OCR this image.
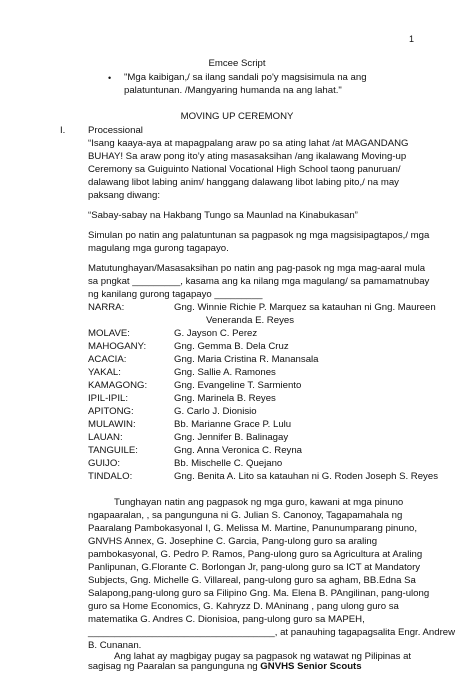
1
Emcee Script
• "Mga kaibigan,/ sa ilang sandali po'y magsisimula na ang
palatuntunan. /Mangyaring humanda na ang lahat."
MOVING UP CEREMONY
I. Processional
“Isang kaaya-aya at mapagpalang araw po sa ating lahat /at MAGANDANG
BUHAY! Sa araw pong ito’y ating masasaksihan /ang ikalawang Moving-up
Ceremony sa Guiguinto National Vocational High School taong panuruan/
dalawang libot labing anim/ hanggang dalawang libot labing pito,/ na may
paksang diwang:
“Sabay-sabay na Hakbang Tungo sa Maunlad na Kinabukasan”
Simulan po natin ang palatuntunan sa pagpasok ng mga magsisipagtapos,/ mga
magulang mga gurong tagapayo.
Matutunghayan/Masasaksihan po natin ang pag-pasok ng mga mag-aaral mula
sa pngkat _________, kasama ang ka nilang mga magulang/ sa pamamatnubay
ng kanilang gurong tagapayo _________
NARRA:	Gng. Winnie Richie P. Marquez sa katauhan ni Gng. Maureen
Veneranda E. Reyes
MOLAVE:	G. Jayson C. Perez
MAHOGANY:	Gng. Gemma B. Dela Cruz
ACACIA:	Gng. Maria Cristina R. Manansala
YAKAL:	Gng. Sallie A. Ramones
KAMAGONG:	Gng. Evangeline T. Sarmiento
IPIL-IPIL:	Gng. Marinela B. Reyes
APITONG:	G. Carlo J. Dionisio
MULAWIN:	Bb. Marianne Grace P. Lulu
LAUAN:	Gng. Jennifer B. Balinagay
TANGUILE:	Gng. Anna Veronica C. Reyna
GUIJO:	Bb. Mischelle C. Quejano
TINDALO:	Gng. Benita A. Lito sa katauhan ni G. Roden Joseph S. Reyes
Tunghayan natin ang pagpasok ng mga guro, kawani at mga pinuno
ngapaaralan, , sa pangunguna ni G. Julian S. Canonoy, Tagapamahala ng
Paaralang Pambokasyonal I, G. Melissa M. Martine, Panunumparang pinuno,
GNVHS Annex, G. Josephine C. Garcia, Pang-ulong guro sa araling
pambokasyonal, G. Pedro P. Ramos, Pang-ulong guro sa Agricultura at Araling
Panlipunan, G.Florante C. Borlongan Jr, pang-ulong guro sa ICT at Mandatory
Subjects, Gng. Michelle G. Villareal, pang-ulong guro sa agham, BB.Edna Sa
Salapong,pang-ulong guro sa Filipino Gng. Ma. Elena B. PAngilinan, pang-ulong
guro sa Home Economics, G. Kahryzz D. MAninang , pang ulong guro sa
matematika G. Andres C. Dionisioa, pang-ulong guro sa MAPEH,
___________________________________, at panauhing tagapagsalita Engr. Andrew
B. Cunanan.
Ang lahat ay magbigay pugay sa pagpasok ng watawat ng Pilipinas at
sagisag ng Paaralan sa pangunguna ng GNVHS Senior Scouts
